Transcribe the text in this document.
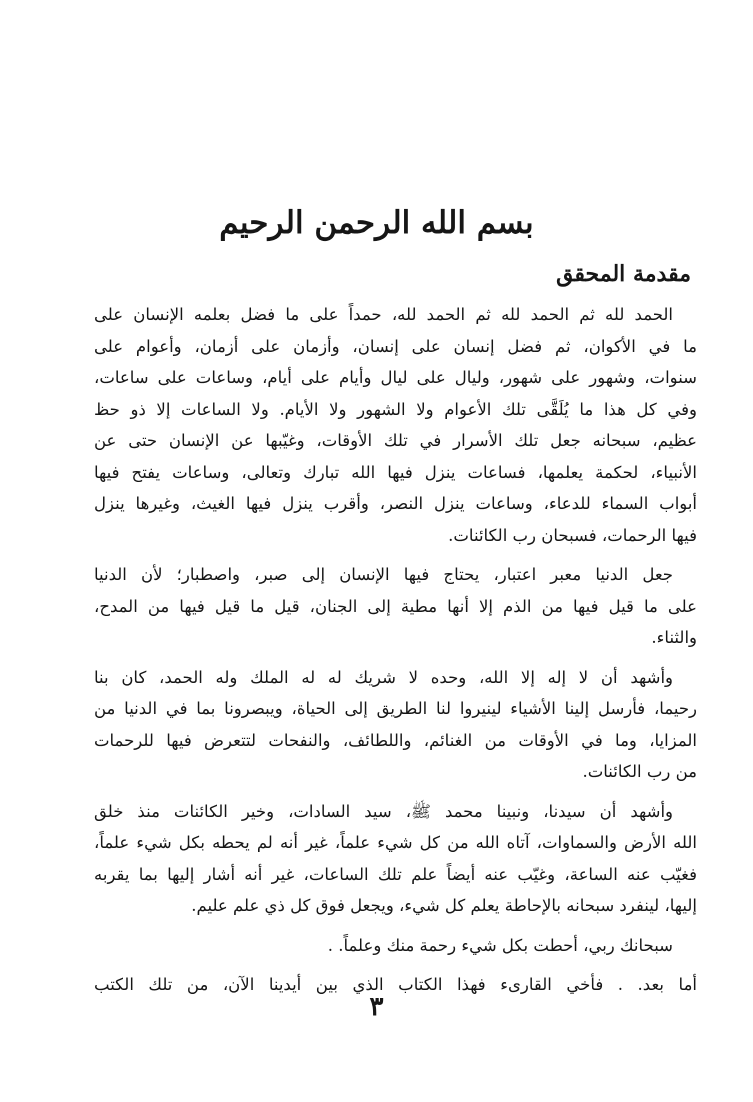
بسم الله الرحمن الرحيم
مقدمة المحقق

الحمد لله ثم الحمد لله ثم الحمد لله، حمداً على ما فضل بعلمه الإنسان على
ما في الأكوان، ثم فضل إنسان على إنسان، وأزمان على أزمان، وأعوام على
سنوات، وشهور على شهور، وليال على ليال وأيام على أيام، وساعات على ساعات،
وفي كل هذا ما يُلَقَّى تلك الأعوام ولا الشهور ولا الأيام. ولا الساعات إلا ذو حظ
عظيم، سبحانه جعل تلك الأسرار في تلك الأوقات، وغيّبها عن الإنسان حتى عن
الأنبياء، لحكمة يعلمها، فساعات ينزل فيها الله تبارك وتعالى، وساعات يفتح فيها
أبواب السماء للدعاء، وساعات ينزل النصر، وأقرب ينزل فيها الغيث، وغيرها ينزل
فيها الرحمات، فسبحان رب الكائنات.

جعل الدنيا معبر اعتبار، يحتاج فيها الإنسان إلى صبر، واصطبار؛ لأن الدنيا
على ما قيل فيها من الذم إلا أنها مطية إلى الجنان، قيل ما قيل فيها من المدح،
والثناء.

وأشهد أن لا إله إلا الله، وحده لا شريك له له الملك وله الحمد، كان بنا
رحيما، فأرسل إلينا الأشياء لينيروا لنا الطريق إلى الحياة، ويبصرونا بما في الدنيا من
المزايا، وما في الأوقات من الغنائم، واللطائف، والنفحات لتتعرض فيها للرحمات
من رب الكائنات.

وأشهد أن سيدنا، ونبينا محمد ﷺ، سيد السادات، وخير الكائنات منذ خلق
الله الأرض والسماوات، آتاه الله من كل شيء علماً، غير أنه لم يحطه بكل شيء علماً،
فغيّب عنه الساعة، وغيّب عنه أيضاً علم تلك الساعات، غير أنه أشار إليها بما يقربه
إليها، لينفرد سبحانه بالإحاطة يعلم كل شيء، ويجعل فوق كل ذي علم عليم.

سبحانك ربي، أحطت بكل شيء رحمة منك وعلماً. .

أما بعد. . فأخي القارىء فهذا الكتاب الذي بين أيدينا الآن، من تلك الكتب

٣
